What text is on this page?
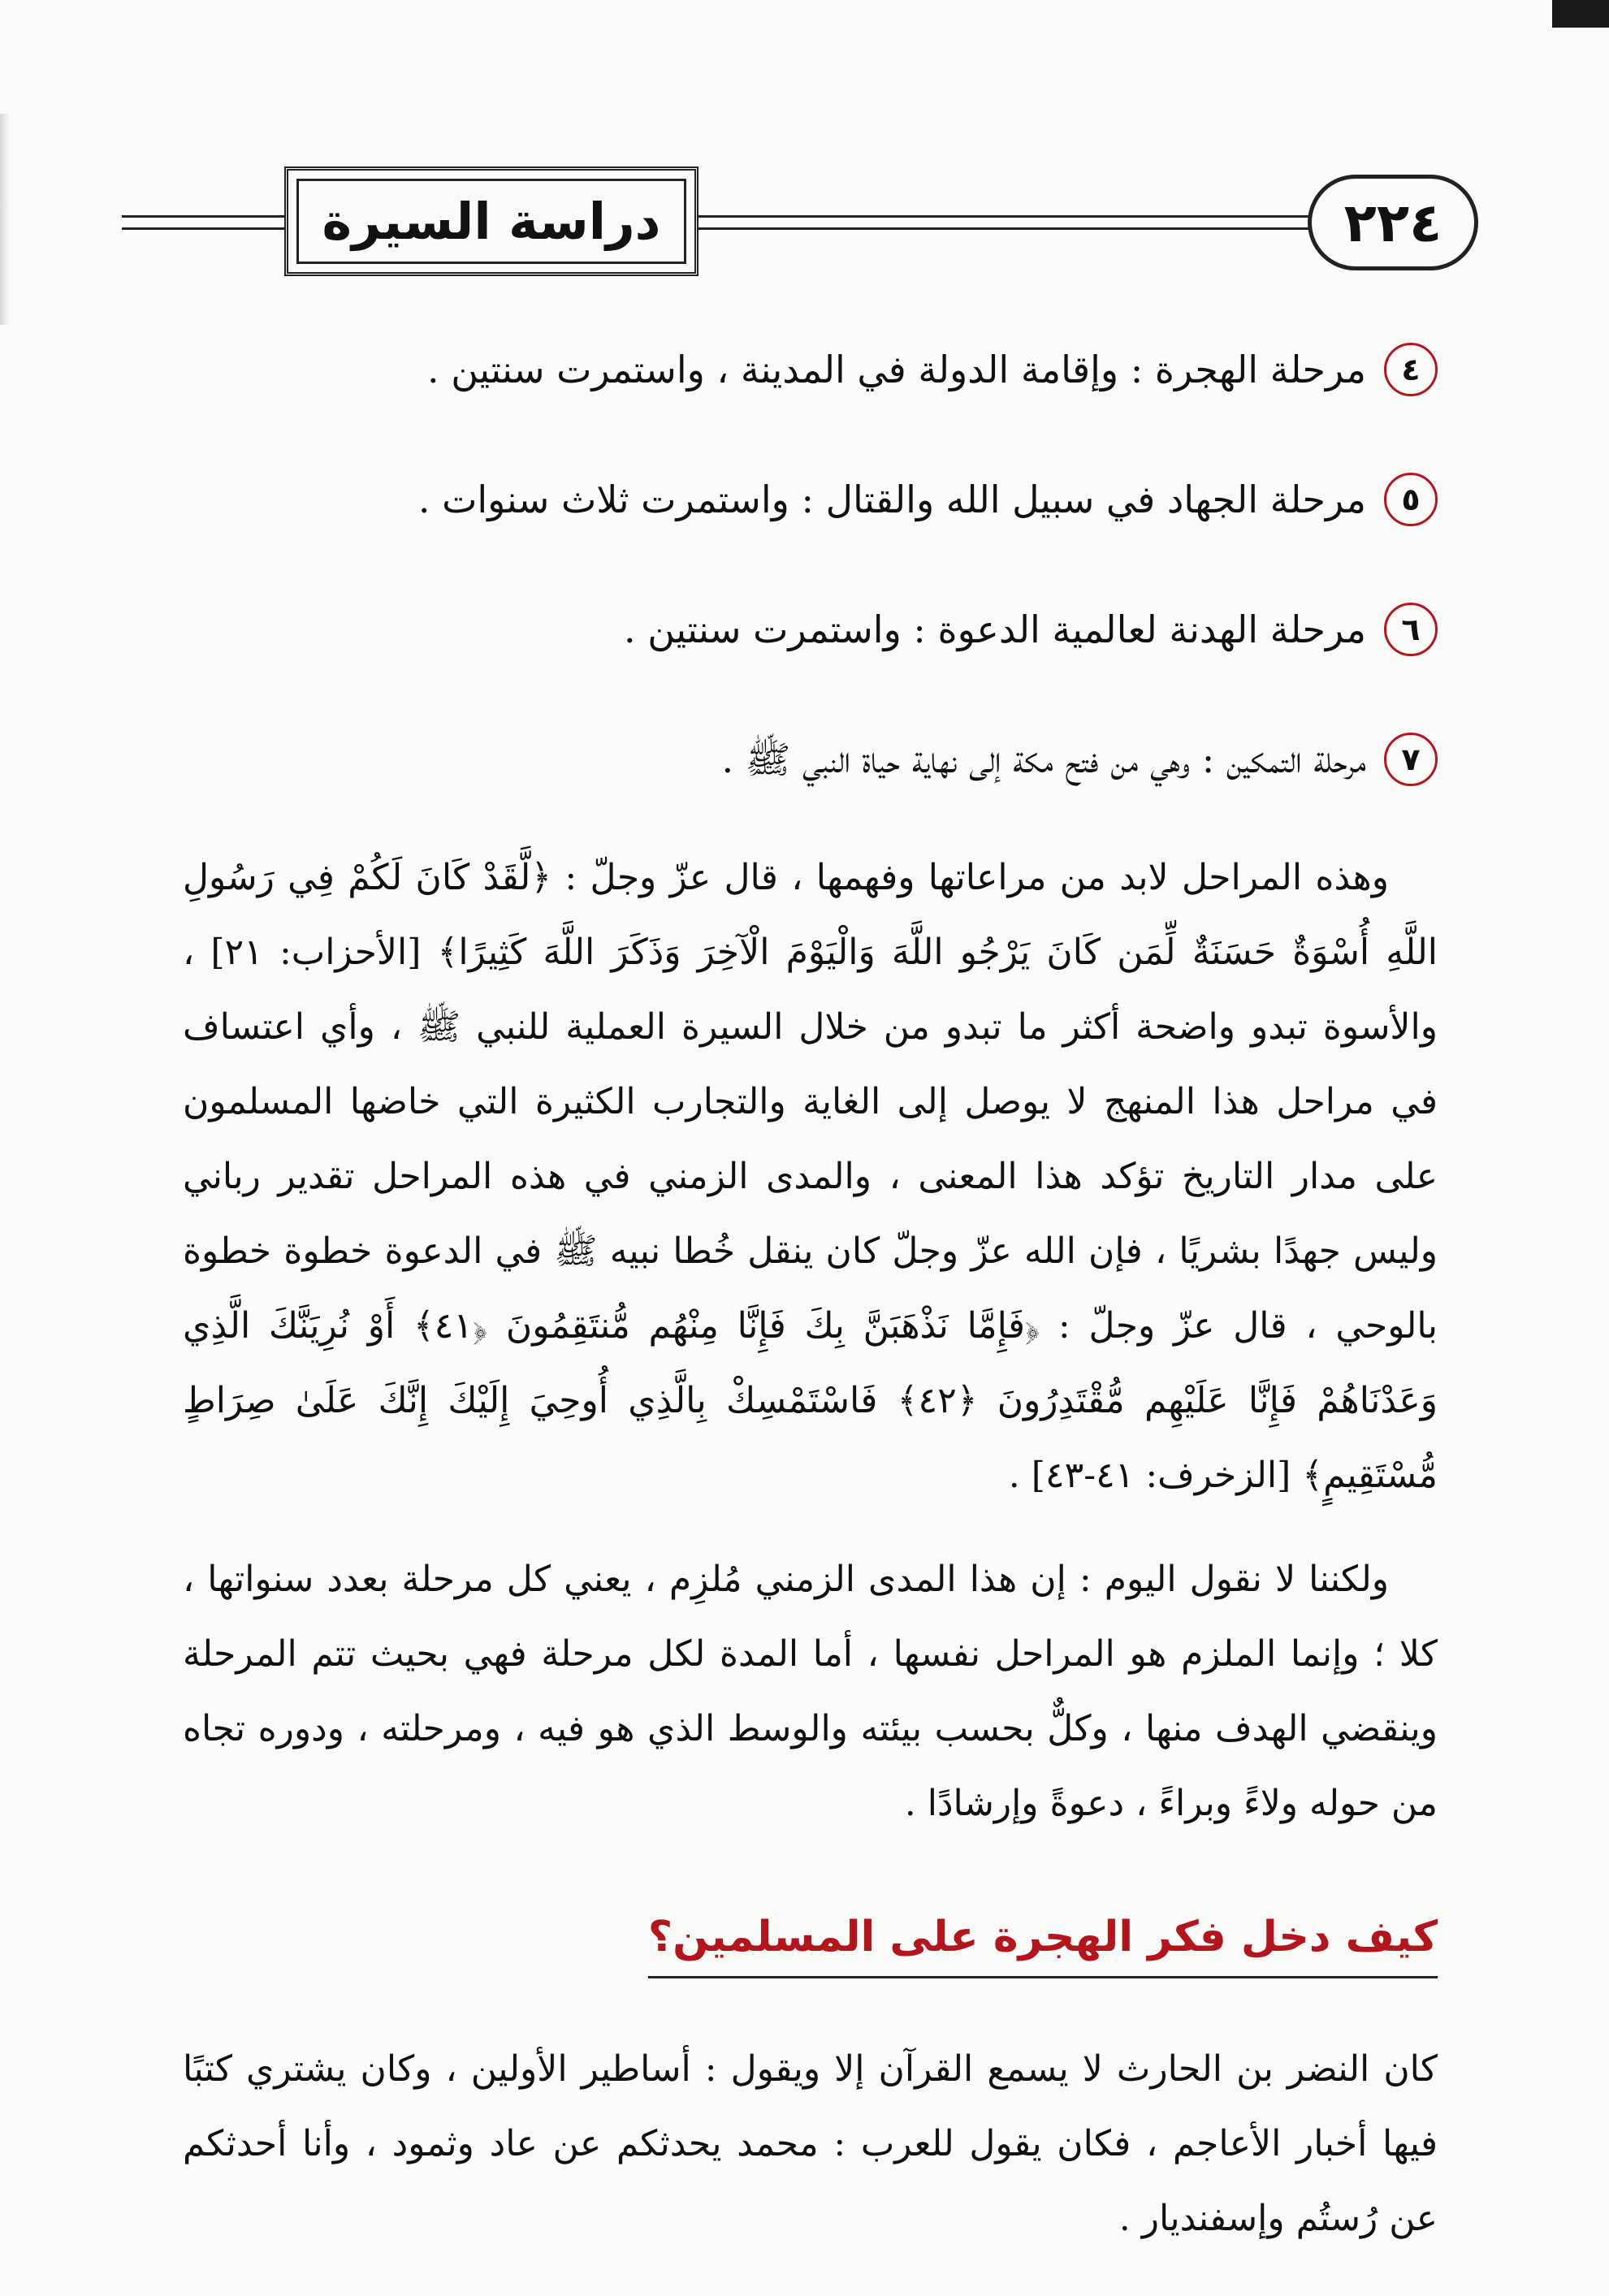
دراسة السيرة	٢٢٤
٤
مرحلة الهجرة : وإقامة الدولة في المدينة ، واستمرت سنتين .
٥
مرحلة الجهاد في سبيل الله والقتال : واستمرت ثلاث سنوات .
٦
مرحلة الهدنة لعالمية الدعوة : واستمرت سنتين .
٧
مرحلة التمكين : وهي من فتح مكة إلى نهاية حياة النبي ﷺ .

وهذه المراحل لابد من مراعاتها وفهمها ، قال عزّ وجلّ : ﴿لَّقَدْ كَانَ لَكُمْ فِي رَسُولِ اللَّهِ أُسْوَةٌ حَسَنَةٌ لِّمَن كَانَ يَرْجُو اللَّهَ وَالْيَوْمَ الْآخِرَ وَذَكَرَ اللَّهَ كَثِيرًا﴾ [الأحزاب: ٢١] ، والأسوة تبدو واضحة أكثر ما تبدو من خلال السيرة العملية للنبي ﷺ ، وأي اعتساف في مراحل هذا المنهج لا يوصل إلى الغاية والتجارب الكثيرة التي خاضها المسلمون على مدار التاريخ تؤكد هذا المعنى ، والمدى الزمني في هذه المراحل تقدير رباني وليس جهدًا بشريًا ، فإن الله عزّ وجلّ كان ينقل خُطا نبيه ﷺ في الدعوة خطوة خطوة بالوحي ، قال عزّ وجلّ : ﴿فَإِمَّا نَذْهَبَنَّ بِكَ فَإِنَّا مِنْهُم مُّنتَقِمُونَ ﴿٤١﴾ أَوْ نُرِيَنَّكَ الَّذِي وَعَدْنَاهُمْ فَإِنَّا عَلَيْهِم مُّقْتَدِرُونَ ﴿٤٢﴾ فَاسْتَمْسِكْ بِالَّذِي أُوحِيَ إِلَيْكَ إِنَّكَ عَلَىٰ صِرَاطٍ مُّسْتَقِيمٍ﴾ [الزخرف: ٤١-٤٣] .

ولكننا لا نقول اليوم : إن هذا المدى الزمني مُلزِم ، يعني كل مرحلة بعدد سنواتها ، كلا ؛ وإنما الملزم هو المراحل نفسها ، أما المدة لكل مرحلة فهي بحيث تتم المرحلة وينقضي الهدف منها ، وكلٌّ بحسب بيئته والوسط الذي هو فيه ، ومرحلته ، ودوره تجاه من حوله ولاءً وبراءً ، دعوةً وإرشادًا .

كيف دخل فكر الهجرة على المسلمين؟

كان النضر بن الحارث لا يسمع القرآن إلا ويقول : أساطير الأولين ، وكان يشتري كتبًا فيها أخبار الأعاجم ، فكان يقول للعرب : محمد يحدثكم عن عاد وثمود ، وأنا أحدثكم عن رُستُم وإسفنديار .
